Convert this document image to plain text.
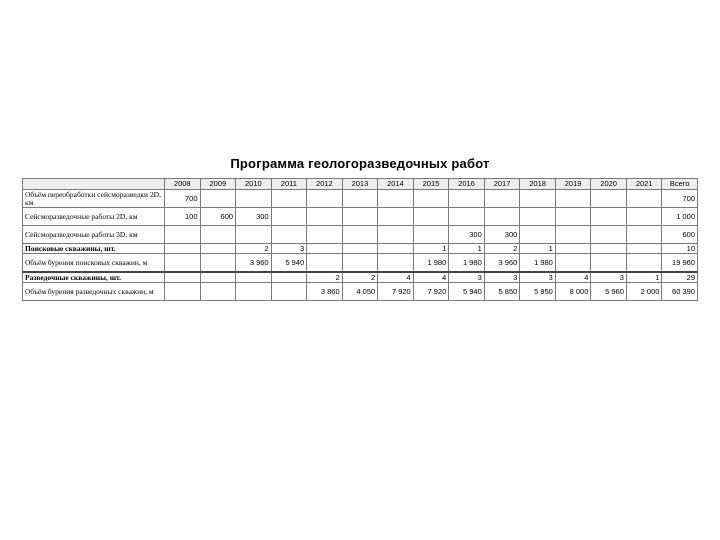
Программа геологоразведочных работ
	2008	2009	2010	2011	2012	2013	2014	2015	2016	2017	2018	2019	2020	2021	Всего
Объём переобработки сейсморазведки 2D, км	700														700
Сейсморазведочные работы 2D, км	100	600	300												1 000
Сейсморазведочные работы 3D, км									300	300					600
Поисковые скважины, шт.			2	3				1	1	2	1				10
Объём бурения поисковых скважин, м			3 960	5 940				1 980	1 980	3 960	1 980				19 960
Разведочные скважины, шт.					2	2	4	4	3	3	3	4	3	1	29
Объём бурения разведочных скважин, м					3 860	4 050	7 920	7 920	5 940	5 850	5 950	8 000	5 960	2 000	60 390
